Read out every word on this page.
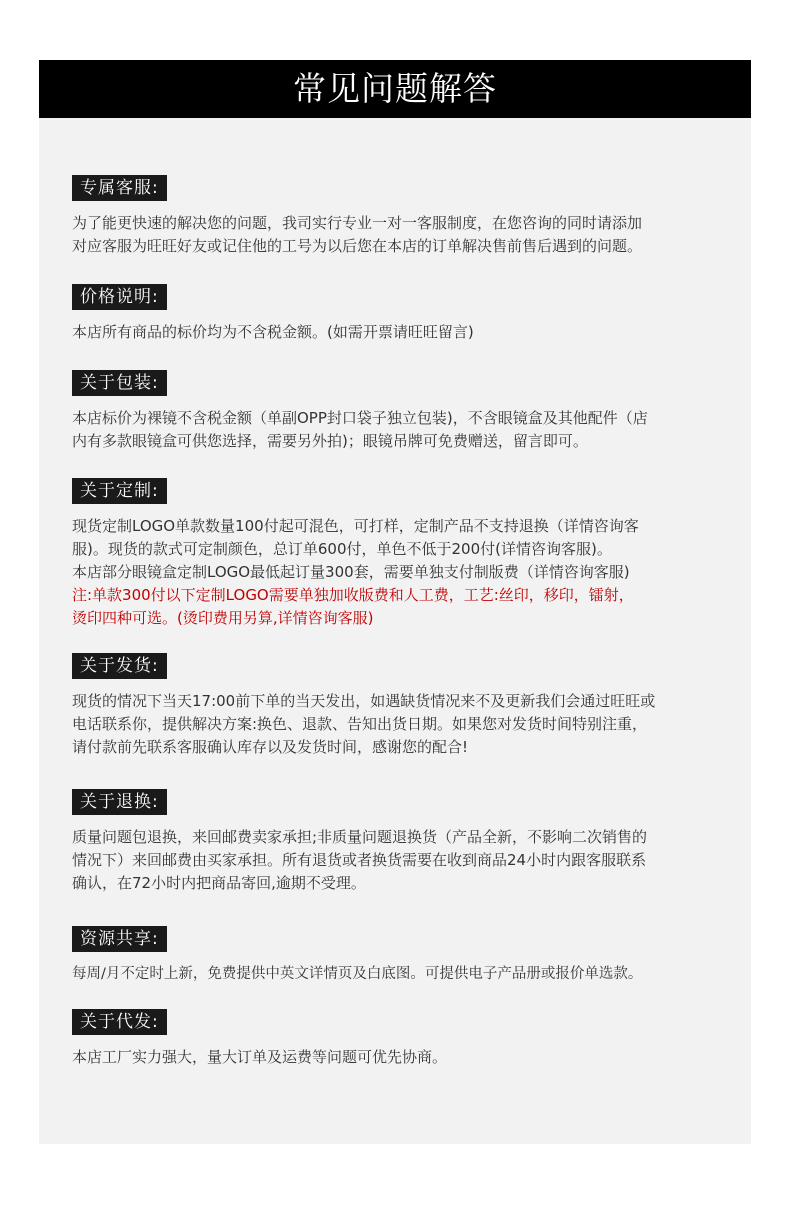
常见问题解答
专属客服:
为了能更快速的解决您的问题，我司实行专业一对一客服制度，在您咨询的同时请添加
对应客服为旺旺好友或记住他的工号为以后您在本店的订单解决售前售后遇到的问题。
价格说明:
本店所有商品的标价均为不含税金额。(如需开票请旺旺留言)
关于包装:
本店标价为裸镜不含税金额（单副OPP封口袋子独立包装)，不含眼镜盒及其他配件（店
内有多款眼镜盒可供您选择，需要另外拍)；眼镜吊牌可免费赠送，留言即可。
关于定制:
现货定制LOGO单款数量100付起可混色，可打样，定制产品不支持退换（详情咨询客
服)。现货的款式可定制颜色，总订单600付，单色不低于200付(详情咨询客服)。
本店部分眼镜盒定制LOGO最低起订量300套，需要单独支付制版费（详情咨询客服)
注:单款300付以下定制LOGO需要单独加收版费和人工费，工艺:丝印，移印，镭射，
烫印四种可选。(烫印费用另算,详情咨询客服)
关于发货:
现货的情况下当天17:00前下单的当天发出，如遇缺货情况来不及更新我们会通过旺旺或
电话联系你，提供解决方案:换色、退款、告知出货日期。如果您对发货时间特别注重，
请付款前先联系客服确认库存以及发货时间，感谢您的配合!
关于退换:
质量问题包退换，来回邮费卖家承担;非质量问题退换货（产品全新，不影响二次销售的
情况下）来回邮费由买家承担。所有退货或者换货需要在收到商品24小时内跟客服联系
确认，在72小时内把商品寄回,逾期不受理。
资源共享:
每周/月不定时上新，免费提供中英文详情页及白底图。可提供电子产品册或报价单选款。
关于代发:
本店工厂实力强大，量大订单及运费等问题可优先协商。
